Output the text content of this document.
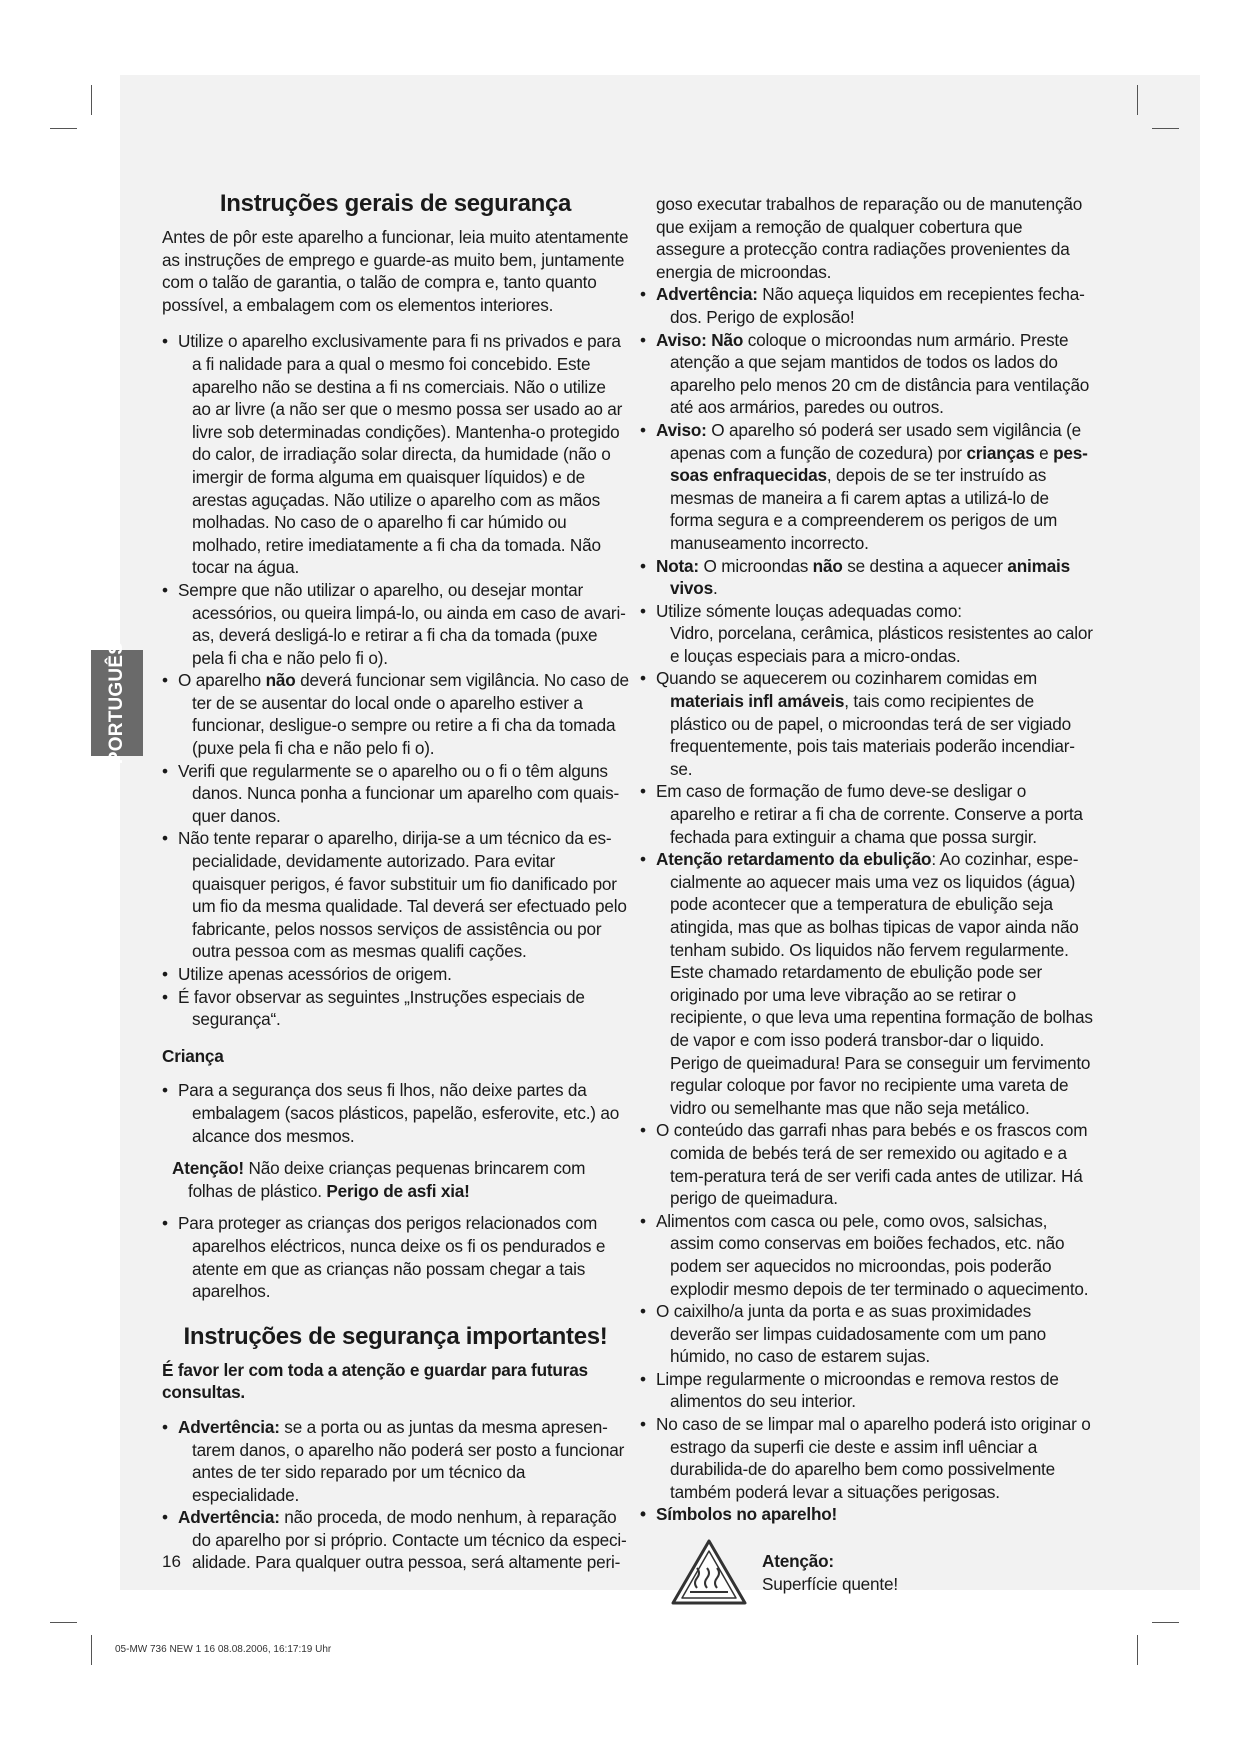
PORTUGUÊS
Instruções gerais de segurança

Antes de pôr este aparelho a funcionar, leia muito atentamente as instruções de emprego e guarde-as muito bem, juntamente com o talão de garantia, o talão de compra e, tanto quanto possível, a embalagem com os elementos interiores.

• Utilize o aparelho exclusivamente para fi ns privados e para a fi nalidade para a qual o mesmo foi concebido. Este aparelho não se destina a fi ns comerciais. Não o utilize ao ar livre (a não ser que o mesmo possa ser usado ao ar livre sob determinadas condições). Mantenha-o protegido do calor, de irradiação solar directa, da humidade (não o imergir de forma alguma em quaisquer líquidos) e de arestas aguçadas. Não utilize o aparelho com as mãos molhadas. No caso de o aparelho fi car húmido ou molhado, retire imediatamente a fi cha da tomada. Não tocar na água.
• Sempre que não utilizar o aparelho, ou desejar montar acessórios, ou queira limpá-lo, ou ainda em caso de avari-as, deverá desligá-lo e retirar a fi cha da tomada (puxe pela fi cha e não pelo fi o).
• O aparelho não deverá funcionar sem vigilância. No caso de ter de se ausentar do local onde o aparelho estiver a funcionar, desligue-o sempre ou retire a fi cha da tomada (puxe pela fi cha e não pelo fi o).
• Verifi que regularmente se o aparelho ou o fi o têm alguns danos. Nunca ponha a funcionar um aparelho com quais-quer danos.
• Não tente reparar o aparelho, dirija-se a um técnico da es-pecialidade, devidamente autorizado. Para evitar quaisquer perigos, é favor substituir um fio danificado por um fio da mesma qualidade. Tal deverá ser efectuado pelo fabricante, pelos nossos serviços de assistência ou por outra pessoa com as mesmas qualifi cações.
• Utilize apenas acessórios de origem.
• É favor observar as seguintes „Instruções especiais de segurança“.
Criança
• Para a segurança dos seus fi lhos, não deixe partes da embalagem (sacos plásticos, papelão, esferovite, etc.) ao alcance dos mesmos.

Atenção! Não deixe crianças pequenas brincarem com folhas de plástico. Perigo de asfi xia!

• Para proteger as crianças dos perigos relacionados com aparelhos eléctricos, nunca deixe os fi os pendurados e atente em que as crianças não possam chegar a tais aparelhos.
Instruções de segurança importantes!

É favor ler com toda a atenção e guardar para futuras consultas.

• Advertência: se a porta ou as juntas da mesma apresen-tarem danos, o aparelho não poderá ser posto a funcionar antes de ter sido reparado por um técnico da especialidade.
• Advertência: não proceda, de modo nenhum, à reparação do aparelho por si próprio. Contacte um técnico da especi-alidade. Para qualquer outra pessoa, será altamente peri-

goso executar trabalhos de reparação ou de manutenção que exijam a remoção de qualquer cobertura que assegure a protecção contra radiações provenientes da energia de microondas.

• Advertência: Não aqueça liquidos em recepientes fecha-dos. Perigo de explosão!
• Aviso: Não coloque o microondas num armário. Preste atenção a que sejam mantidos de todos os lados do aparelho pelo menos 20 cm de distância para ventilação até aos armários, paredes ou outros.
• Aviso: O aparelho só poderá ser usado sem vigilância (e apenas com a função de cozedura) por crianças e pes-soas enfraquecidas, depois de se ter instruído as mesmas de maneira a fi carem aptas a utilizá-lo de forma segura e a compreenderem os perigos de um manuseamento incorrecto.
• Nota: O microondas não se destina a aquecer animais vivos.
• Utilize sómente louças adequadas como:
Vidro, porcelana, cerâmica, plásticos resistentes ao calor e louças especiais para a micro-ondas.
• Quando se aquecerem ou cozinharem comidas em materiais infl amáveis, tais como recipientes de plástico ou de papel, o microondas terá de ser vigiado frequentemente, pois tais materiais poderão incendiar-se.
• Em caso de formação de fumo deve-se desligar o aparelho e retirar a fi cha de corrente. Conserve a porta fechada para extinguir a chama que possa surgir.
• Atenção retardamento da ebulição: Ao cozinhar, espe-cialmente ao aquecer mais uma vez os liquidos (água) pode acontecer que a temperatura de ebulição seja atingida, mas que as bolhas tipicas de vapor ainda não tenham subido. Os liquidos não fervem regularmente. Este chamado retardamento de ebulição pode ser originado por uma leve vibração ao se retirar o recipiente, o que leva uma repentina formação de bolhas de vapor e com isso poderá transbor-dar o liquido. Perigo de queimadura! Para se conseguir um fervimento regular coloque por favor no recipiente uma vareta de vidro ou semelhante mas que não seja metálico.
• O conteúdo das garrafi nhas para bebés e os frascos com comida de bebés terá de ser remexido ou agitado e a tem-peratura terá de ser verifi cada antes de utilizar. Há perigo de queimadura.
• Alimentos com casca ou pele, como ovos, salsichas, assim como conservas em boiões fechados, etc. não podem ser aquecidos no microondas, pois poderão explodir mesmo depois de ter terminado o aquecimento.
• O caixilho/a junta da porta e as suas proximidades deverão ser limpas cuidadosamente com um pano húmido, no caso de estarem sujas.
• Limpe regularmente o microondas e remova restos de alimentos do seu interior.
• No caso de se limpar mal o aparelho poderá isto originar o estrago da superfi cie deste e assim infl uênciar a durabilida-de do aparelho bem como possivelmente também poderá levar a situações perigosas.
• Símbolos no aparelho!
Atenção:
Superfície quente!
16
05-MW 736 NEW 1 16 08.08.2006, 16:17:19 Uhr
